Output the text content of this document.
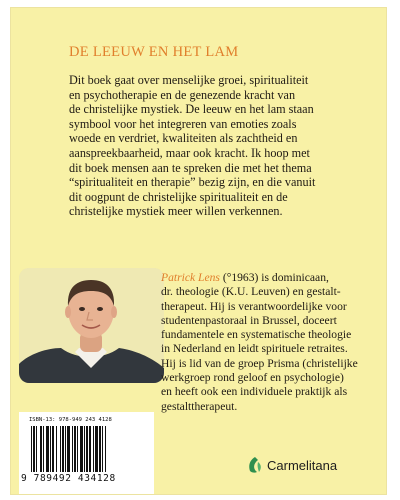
DE LEEUW EN HET LAM

Dit boek gaat over menselijke groei, spiritualiteit
en psychotherapie en de genezende kracht van
de christelijke mystiek. De leeuw en het lam staan
symbool voor het integreren van emoties zoals
woede en verdriet, kwaliteiten als zachtheid en
aanspreekbaarheid, maar ook kracht. Ik hoop met
dit boek mensen aan te spreken die met het thema
“spiritualiteit en therapie” bezig zijn, en die vanuit
dit oogpunt de christelijke spiritualiteit en de
christelijke mystiek meer willen verkennen.

Patrick Lens (°1963) is dominicaan,
dr. theologie (K.U. Leuven) en gestalt-
therapeut. Hij is verantwoordelijke voor
studentenpastoraal in Brussel, doceert
fundamentele en systematische theologie
in Nederland en leidt spirituele retraites.
Hij is lid van de groep Prisma (christelijke
werkgroep rond geloof en psychologie)
en heeft ook een individuele praktijk als
gestalttherapeut.

ISBN-13: 978-949 243 4128
9 789492 434128
Carmelitana
